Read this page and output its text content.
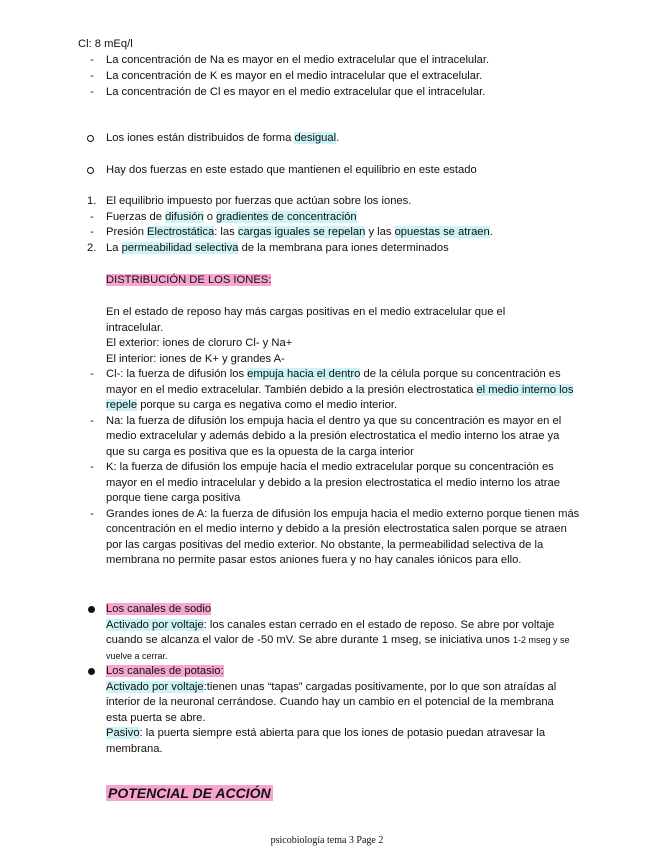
Cl: 8 mEq/l
- La concentración de Na es mayor en el medio extracelular que el intracelular.
- La concentración de K es mayor en el medio intracelular que el extracelular.
- La concentración de Cl es mayor en el medio extracelular que el intracelular.
Los iones están distribuidos de forma desigual.
Hay dos fuerzas en este estado que mantienen el equilibrio en este estado
1. El equilibrio impuesto por fuerzas que actúan sobre los iones.
- Fuerzas de difusión o gradientes de concentración
- Presión Electrostática: las cargas iguales se repelan y las opuestas se atraen.
2. La permeabilidad selectiva de la membrana para iones determinados
DISTRIBUCIÓN DE LOS IONES:
En el estado de reposo hay más cargas positivas en el medio extracelular que el intracelular.
El exterior: iones de cloruro Cl- y Na+
El interior: iones de K+ y grandes A-
- Cl-: la fuerza de difusión los empuja hacia el dentro de la célula porque su concentración es mayor en el medio extracelular. También debido a la presión electrostatica el medio interno los repele porque su carga es negativa como el medio interior.
- Na: la fuerza de difusión los empuja hacia el dentro ya que su concentración es mayor en el medio extracelular y además debido a la presión electrostatica el medio interno los atrae ya que su carga es positiva que es la opuesta de la carga interior
- K: la fuerza de difusión los empuje hacia el medio extracelular porque su concentración es mayor en el medio intracelular y debido a la presion electrostatica el medio interno los atrae porque tiene carga positiva
- Grandes iones de A: la fuerza de difusión los empuja hacia el medio externo porque tienen más concentración en el medio interno y debido a la presión electrostatica salen porque se atraen por las cargas positivas del medio exterior. No obstante, la permeabilidad selectiva de la membrana no permite pasar estos aniones fuera y no hay canales iónicos para ello.
Los canales de sodio
Activado por voltaje: los canales estan cerrado en el estado de reposo. Se abre por voltaje cuando se alcanza el valor de -50 mV. Se abre durante 1 mseg, se iniciativa unos 1-2 mseg y se vuelve a cerrar.
Los canales de potasio:
Activado por voltaje:tienen unas “tapas” cargadas positivamente, por lo que son atraídas al interior de la neuronal cerrándose. Cuando hay un cambio en el potencial de la membrana esta puerta se abre.
Pasivo: la puerta siempre está abierta para que los iones de potasio puedan atravesar la membrana.
POTENCIAL DE ACCIÓN
psicobiología tema 3 Page 2
